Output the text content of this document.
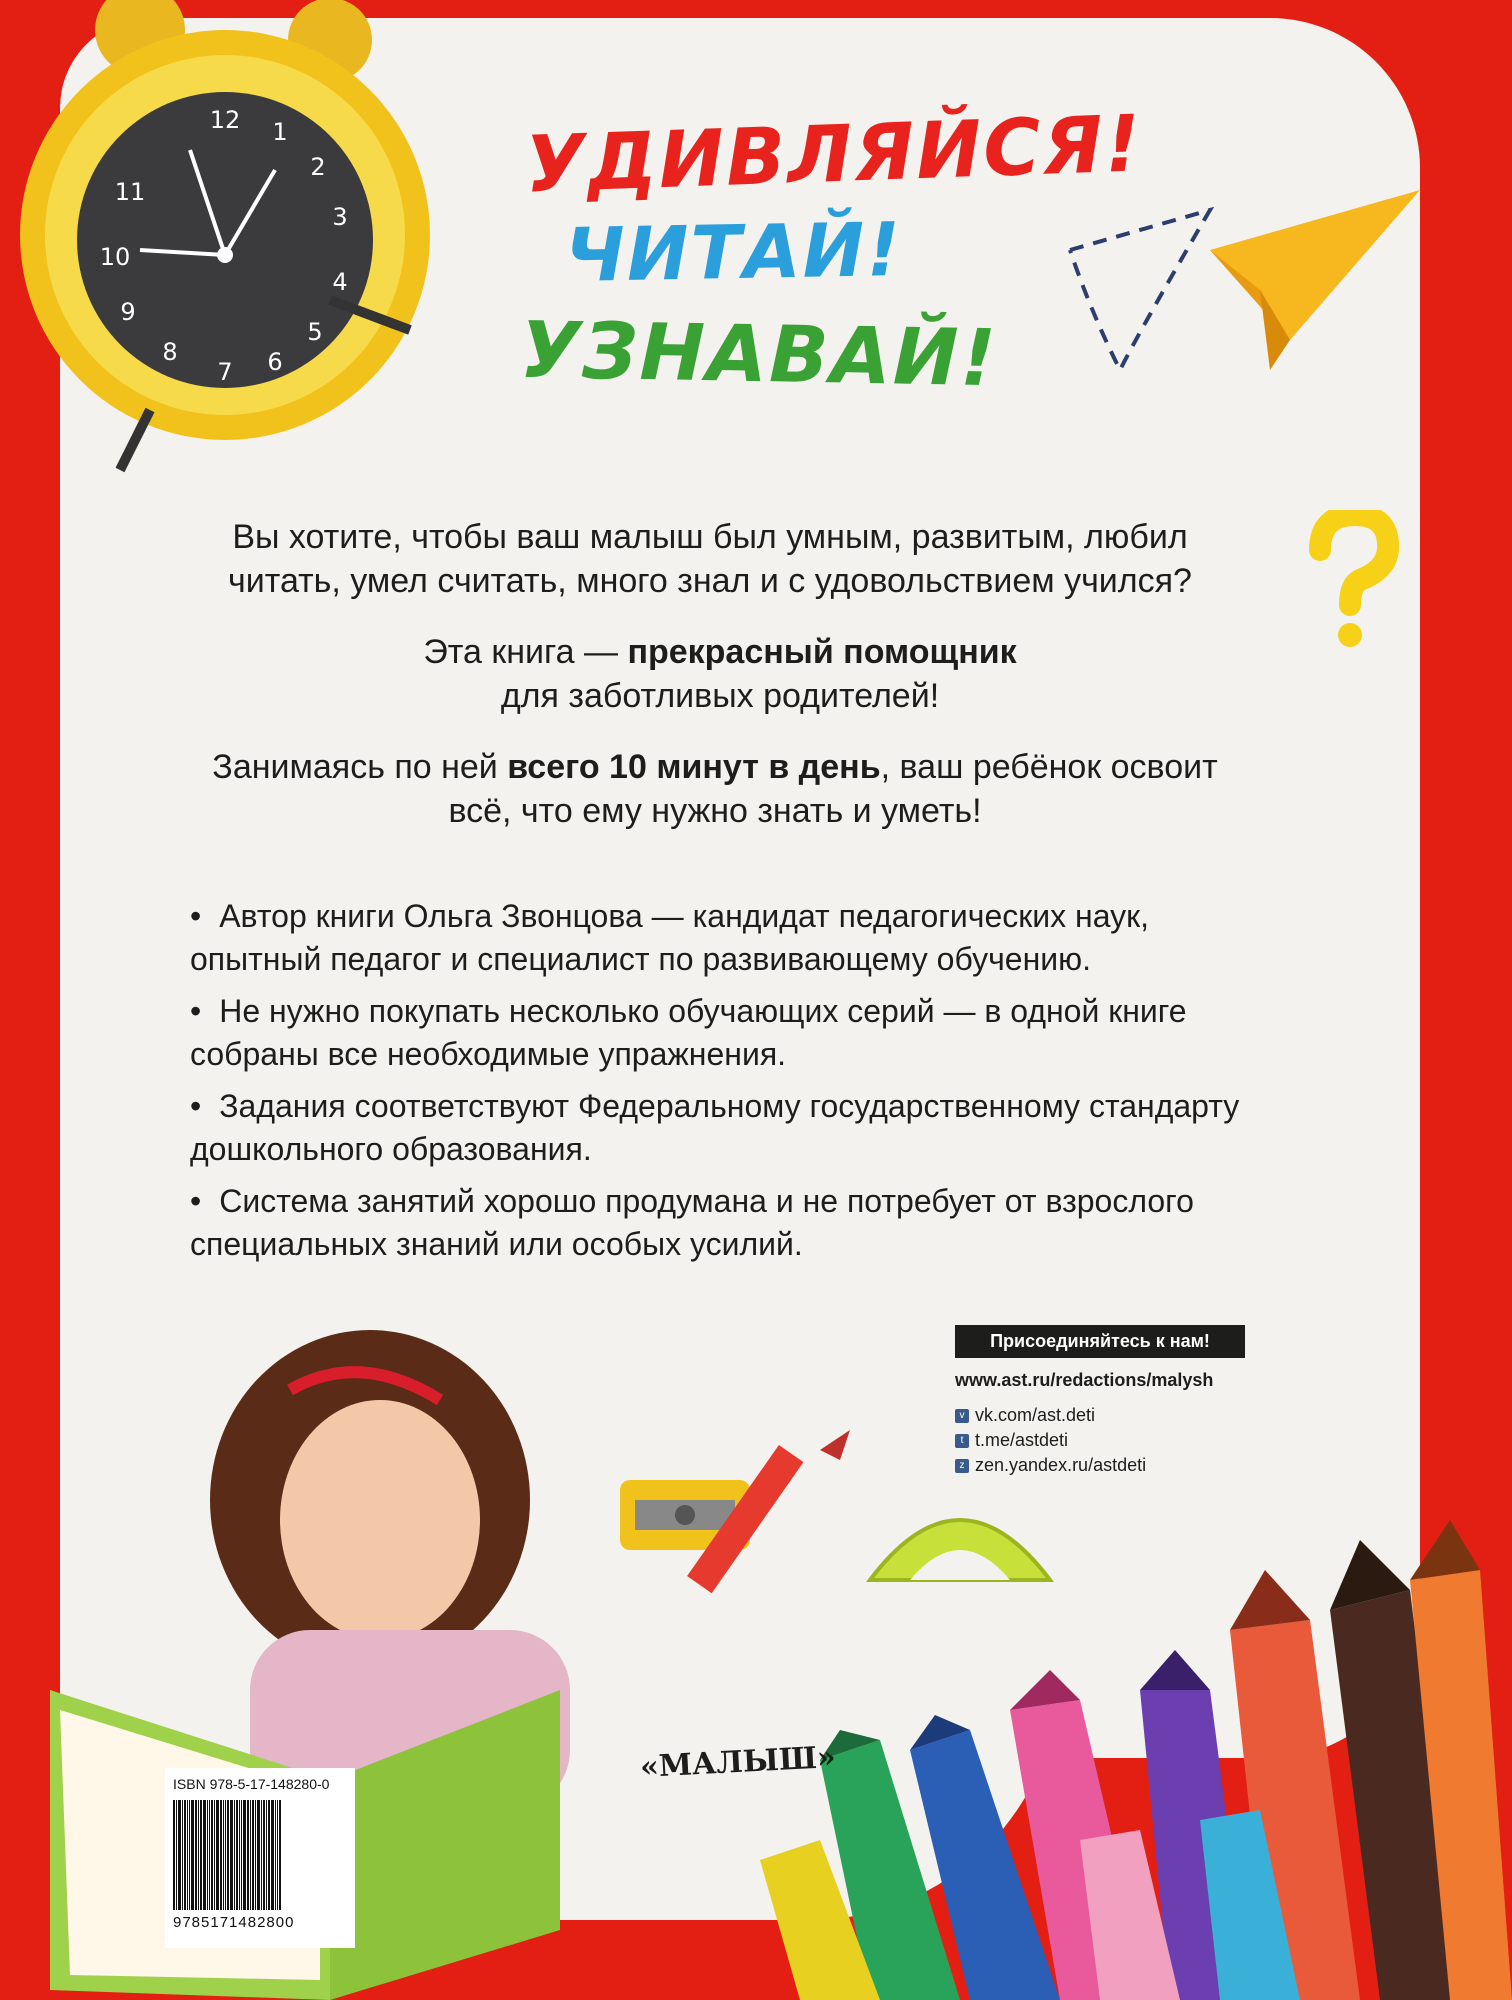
12 1
2
3
4
5
6
7
8
9
10
11	УДИВЛЯЙСЯ!
ЧИТАЙ!
УЗНАВАЙ!
Вы хотите, чтобы ваш малыш был умным, развитым, любил читать, умел считать, много знал и с удовольствием учился?
Эта книга — прекрасный помощник
для заботливых родителей!
Занимаясь по ней всего 10 минут в день, ваш ребёнок освоит всё, что ему нужно знать и уметь!
• Автор книги Ольга Звонцова — кандидат педагогических наук, опытный педагог и специалист по развивающему обучению.
• Не нужно покупать несколько обучающих серий — в одной книге собраны все необходимые упражнения.
• Задания соответствуют Федеральному государственному стандарту дошкольного образования.
• Система занятий хорошо продумана и не потребует от взрослого специальных знаний или особых усилий.
Присоединяйтесь к нам!
www.ast.ru/redactions/malysh
v vk.com/ast.deti
t t.me/astdeti
z zen.yandex.ru/astdeti
«МАЛЫШ»
ISBN 978-5-17-148280-0
9785171482800
